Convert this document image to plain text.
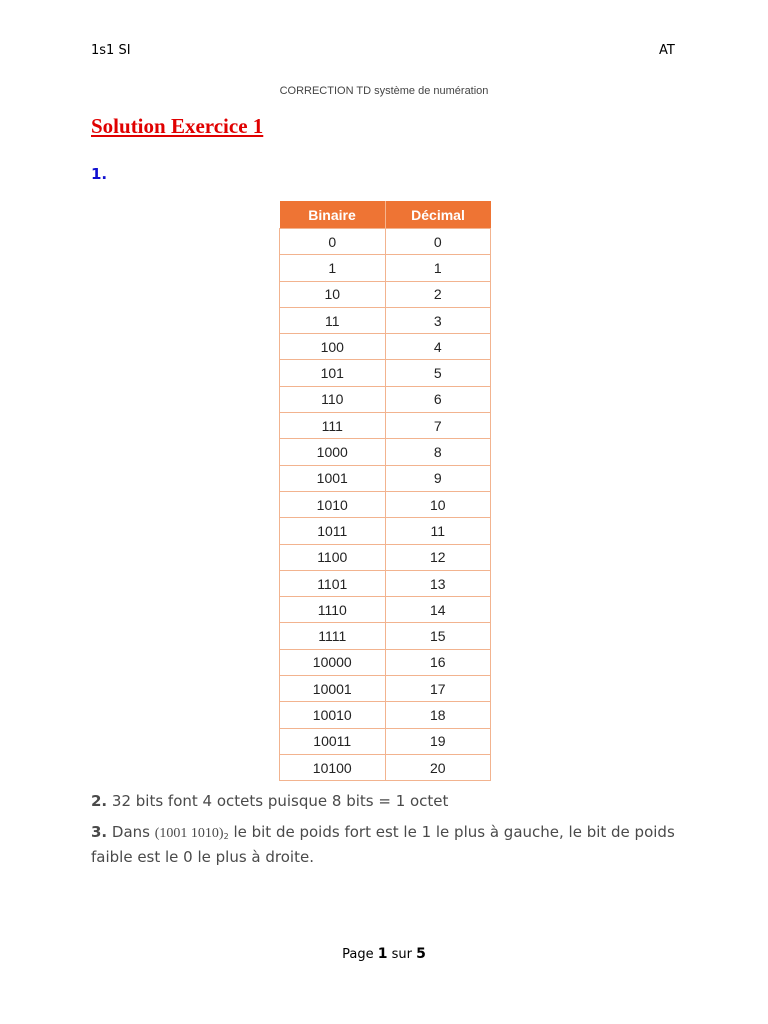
1s1 SI	AT
CORRECTION TD système de numération
Solution Exercice 1
1.
Binaire	Décimal
0	0
1	1
10	2
11	3
100	4
101	5
110	6
111	7
1000	8
1001	9
1010	10
1011	11
1100	12
1101	13
1110	14
1111	15
10000	16
10001	17
10010	18
10011	19
10100	20
2. 32 bits font 4 octets puisque 8 bits = 1 octet
3. Dans (1001 $1010)_2$ le bit de poids fort est le 1 le plus à gauche, le bit de poids faible est le 0 le plus à droite.
Page 1 sur 5
